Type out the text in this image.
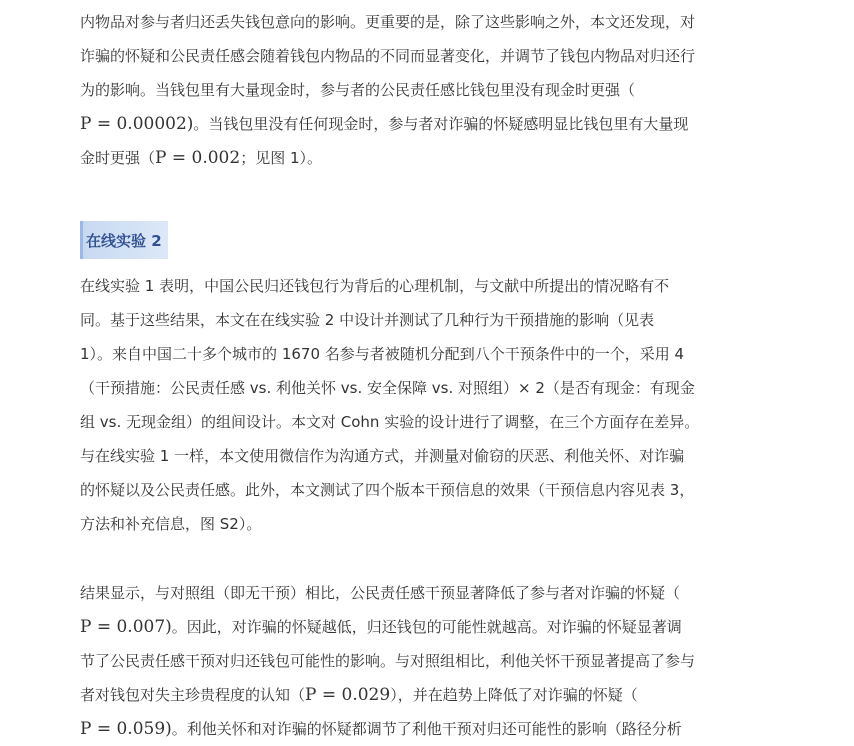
内物品对参与者归还丢失钱包意向的影响。更重要的是，除了这些影响之外，本文还发现，对
诈骗的怀疑和公民责任感会随着钱包内物品的不同而显著变化，并调节了钱包内物品对归还行
为的影响。当钱包里有大量现金时，参与者的公民责任感比钱包里没有现金时更强（
P = 0.00002)。当钱包里没有任何现金时，参与者对诈骗的怀疑感明显比钱包里有大量现
金时更强（P = 0.002；见图 1）。
在线实验 2
在线实验 1 表明，中国公民归还钱包行为背后的心理机制，与文献中所提出的情况略有不
同。基于这些结果，本文在在线实验 2 中设计并测试了几种行为干预措施的影响（见表
1）。来自中国二十多个城市的 1670 名参与者被随机分配到八个干预条件中的一个，采用 4
（干预措施：公民责任感 vs. 利他关怀 vs. 安全保障 vs. 对照组）× 2（是否有现金：有现金
组 vs. 无现金组）的组间设计。本文对 Cohn 实验的设计进行了调整，在三个方面存在差异。
与在线实验 1 一样，本文使用微信作为沟通方式，并测量对偷窃的厌恶、利他关怀、对诈骗
的怀疑以及公民责任感。此外，本文测试了四个版本干预信息的效果（干预信息内容见表 3，
方法和补充信息，图 S2）。
结果显示，与对照组（即无干预）相比，公民责任感干预显著降低了参与者对诈骗的怀疑（
P = 0.007)。因此，对诈骗的怀疑越低，归还钱包的可能性就越高。对诈骗的怀疑显著调
节了公民责任感干预对归还钱包可能性的影响。与对照组相比，利他关怀干预显著提高了参与
者对钱包对失主珍贵程度的认知（P = 0.029），并在趋势上降低了对诈骗的怀疑（
P = 0.059)。利他关怀和对诈骗的怀疑都调节了利他干预对归还可能性的影响（路径分析
